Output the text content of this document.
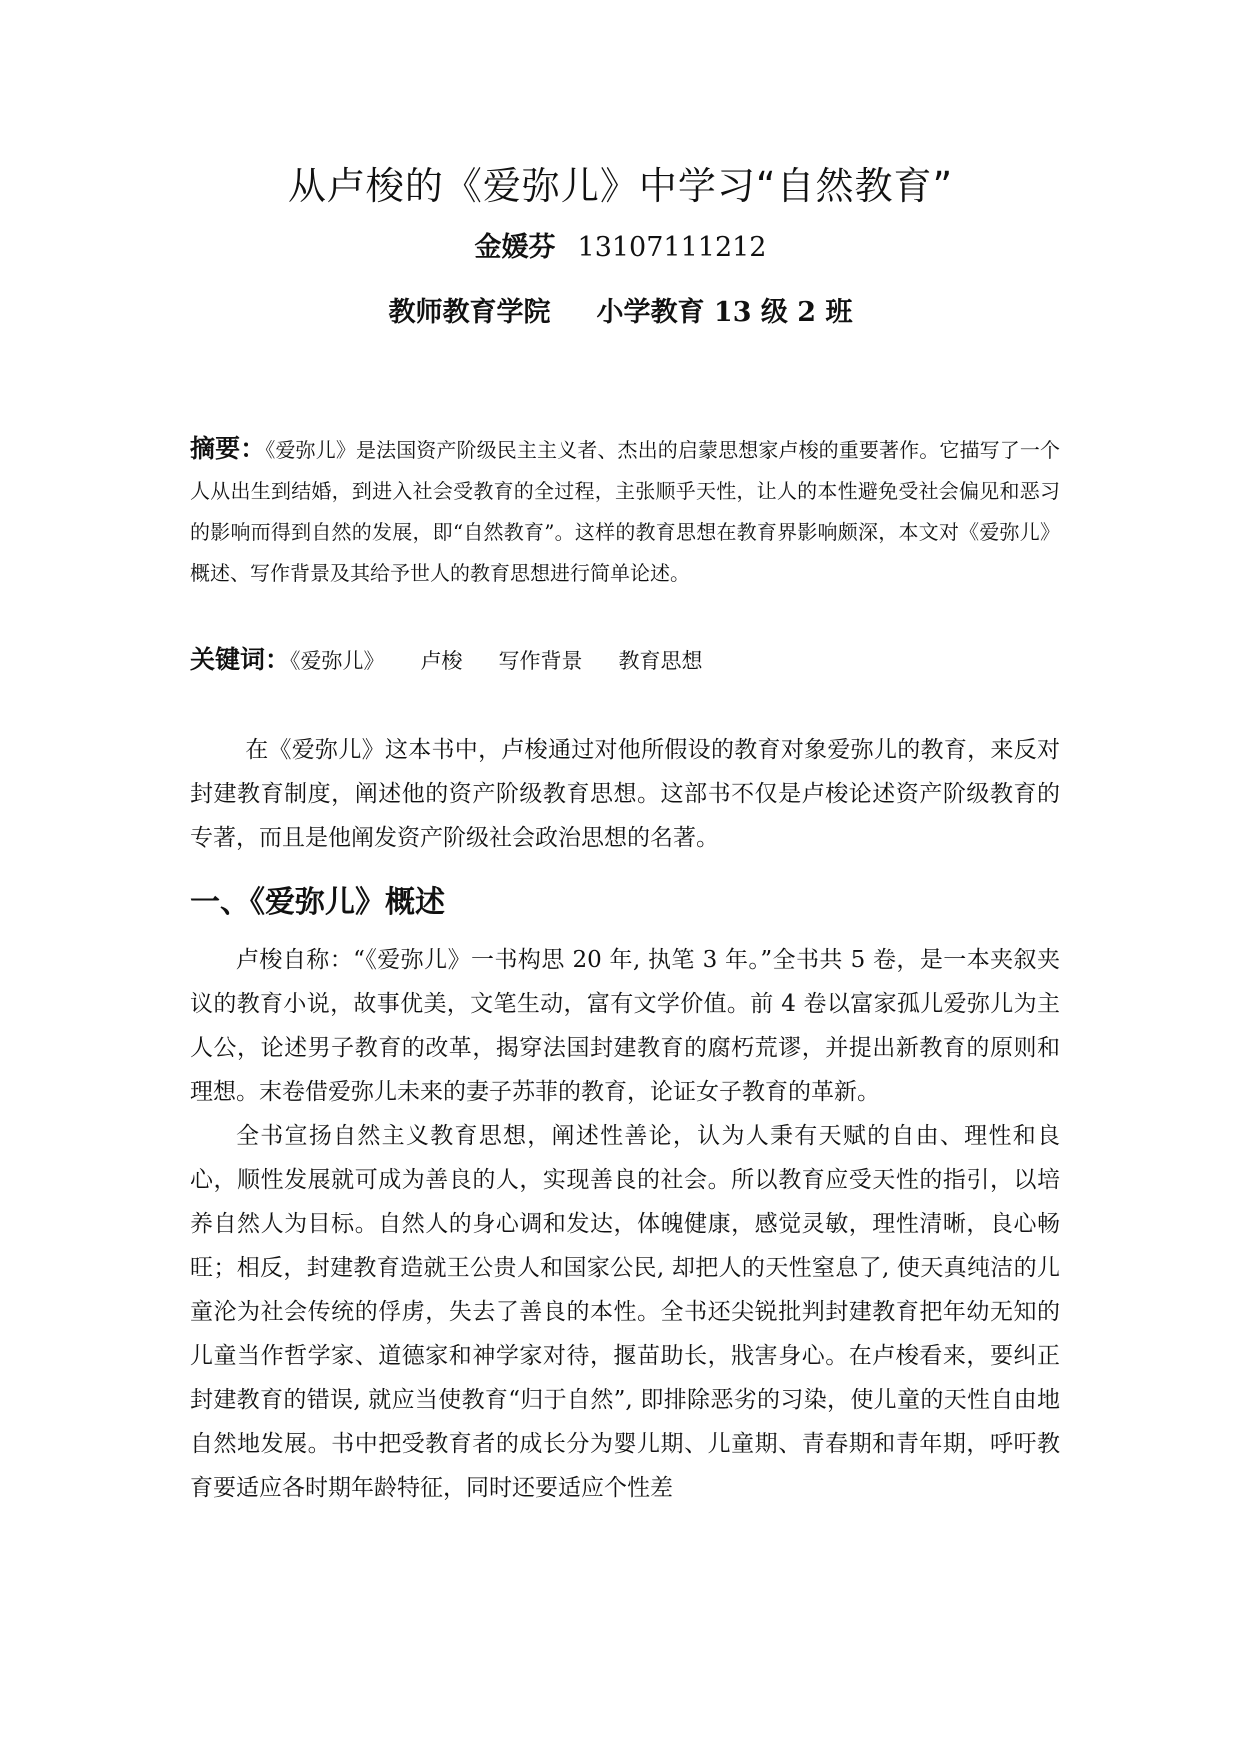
从卢梭的《爱弥儿》中学习“自然教育”
金媛芬 13107111212
教师教育学院 小学教育 13 级 2 班
摘要：《爱弥儿》是法国资产阶级民主主义者、杰出的启蒙思想家卢梭的重要著作。它描写了一个人从出生到结婚，到进入社会受教育的全过程，主张顺乎天性，让人的本性避免受社会偏见和恶习的影响而得到自然的发展，即“自然教育”。这样的教育思想在教育界影响颇深，本文对《爱弥儿》概述、写作背景及其给予世人的教育思想进行简单论述。
关键词：《爱弥儿》 卢梭 写作背景 教育思想
在《爱弥儿》这本书中，卢梭通过对他所假设的教育对象爱弥儿的教育，来反对封建教育制度，阐述他的资产阶级教育思想。这部书不仅是卢梭论述资产阶级教育的专著，而且是他阐发资产阶级社会政治思想的名著。
一、《爱弥儿》概述

卢梭自称：“《爱弥儿》一书构思 20 年, 执笔 3 年。”全书共 5 卷，是一本夹叙夹议的教育小说，故事优美，文笔生动，富有文学价值。前 4 卷以富家孤儿爱弥儿为主人公，论述男子教育的改革，揭穿法国封建教育的腐朽荒谬，并提出新教育的原则和理想。末卷借爱弥儿未来的妻子苏菲的教育，论证女子教育的革新。

全书宣扬自然主义教育思想，阐述性善论，认为人秉有天赋的自由、理性和良心，顺性发展就可成为善良的人，实现善良的社会。所以教育应受天性的指引，以培养自然人为目标。自然人的身心调和发达，体魄健康，感觉灵敏，理性清晰，良心畅旺；相反，封建教育造就王公贵人和国家公民, 却把人的天性窒息了, 使天真纯洁的儿童沦为社会传统的俘虏，失去了善良的本性。全书还尖锐批判封建教育把年幼无知的儿童当作哲学家、道德家和神学家对待，揠苗助长，戕害身心。在卢梭看来，要纠正封建教育的错误, 就应当使教育“归于自然”, 即排除恶劣的习染，使儿童的天性自由地自然地发展。书中把受教育者的成长分为婴儿期、儿童期、青春期和青年期，呼吁教育要适应各时期年龄特征，同时还要适应个性差
